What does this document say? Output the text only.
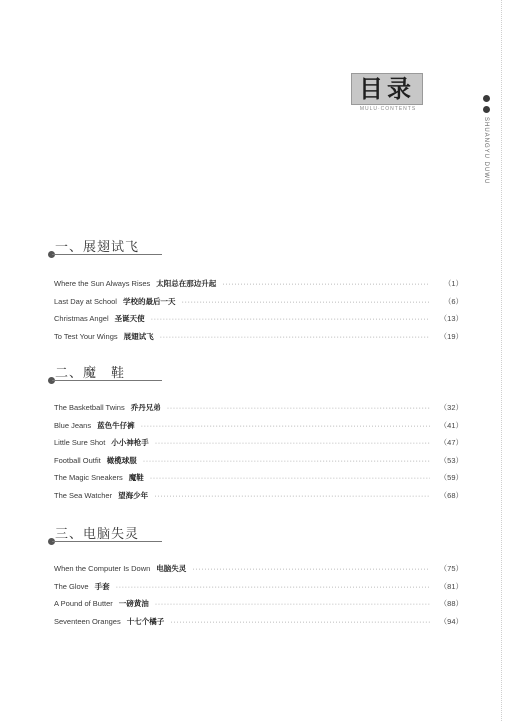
目录
MULU·CONTENTS
SHUANGYU DUWU
一、展翅试飞
Where the Sun Always Rises 太阳总在那边升起 ·····	（1）
Last Day at School 学校的最后一天 ·····	（6）
Christmas Angel 圣诞天使 ·····	（13）
To Test Your Wings 展翅试飞 ·····	（19）
二、魔　鞋
The Basketball Twins 乔丹兄弟 ·····	（32）
Blue Jeans 蓝色牛仔裤 ·····	（41）
Little Sure Shot 小小神枪手 ·····	（47）
Football Outfit 橄榄球服 ·····	（53）
The Magic Sneakers 魔鞋 ·····	（59）
The Sea Watcher 望海少年 ·····	（68）
三、电脑失灵
When the Computer Is Down 电脑失灵 ·····	（75）
The Glove 手套 ·····	（81）
A Pound of Butter 一磅黄油 ·····	（88）
Seventeen Oranges 十七个橘子 ·····	（94）
